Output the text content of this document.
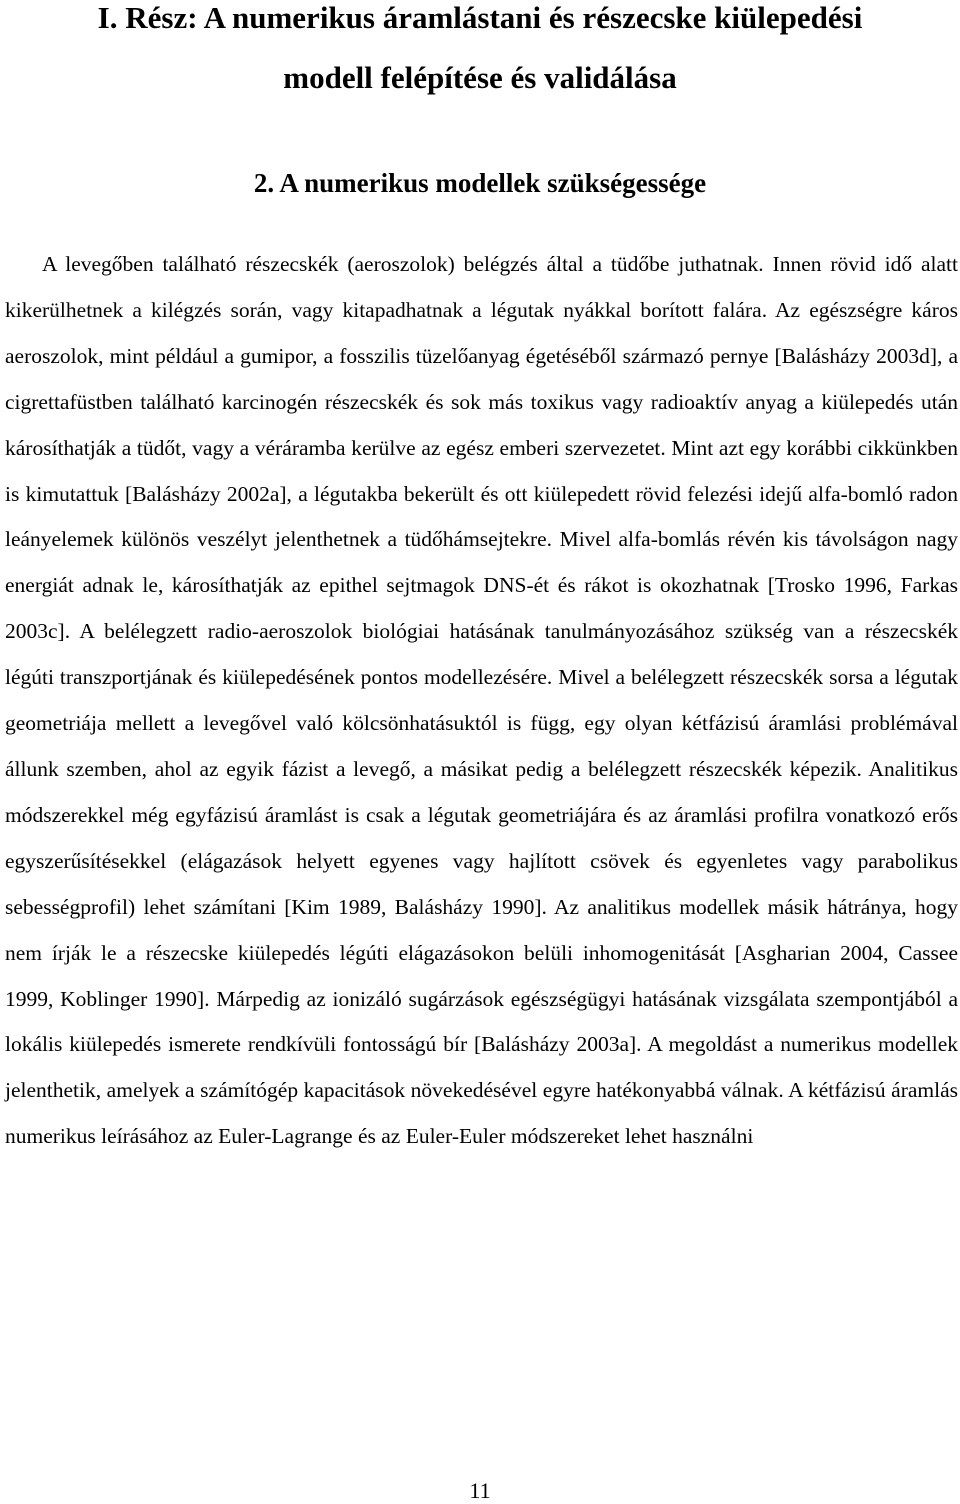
I. Rész: A numerikus áramlástani és részecske kiülepedési
modell felépítése és validálása
2. A numerikus modellek szükségessége

A levegőben található részecskék (aeroszolok) belégzés által a tüdőbe juthatnak. Innen rövid idő alatt kikerülhetnek a kilégzés során, vagy kitapadhatnak a légutak nyákkal borított falára. Az egészségre káros aeroszolok, mint például a gumipor, a fosszilis tüzelőanyag égetéséből származó pernye [Balásházy 2003d], a cigrettafüstben található karcinogén részecskék és sok más toxikus vagy radioaktív anyag a kiülepedés után károsíthatják a tüdőt, vagy a véráramba kerülve az egész emberi szervezetet. Mint azt egy korábbi cikkünkben is kimutattuk [Balásházy 2002a], a légutakba bekerült és ott kiülepedett rövid felezési idejű alfa-bomló radon leányelemek különös veszélyt jelenthetnek a tüdőhámsejtekre. Mivel alfa-bomlás révén kis távolságon nagy energiát adnak le, károsíthatják az epithel sejtmagok DNS-ét és rákot is okozhatnak [Trosko 1996, Farkas 2003c]. A belélegzett radio-aeroszolok biológiai hatásának tanulmányozásához szükség van a részecskék légúti transzportjának és kiülepedésének pontos modellezésére. Mivel a belélegzett részecskék sorsa a légutak geometriája mellett a levegővel való kölcsönhatásuktól is függ, egy olyan kétfázisú áramlási problémával állunk szemben, ahol az egyik fázist a levegő, a másikat pedig a belélegzett részecskék képezik. Analitikus módszerekkel még egyfázisú áramlást is csak a légutak geometriájára és az áramlási profilra vonatkozó erős egyszerűsítésekkel (elágazások helyett egyenes vagy hajlított csövek és egyenletes vagy parabolikus sebességprofil) lehet számítani [Kim 1989, Balásházy 1990]. Az analitikus modellek másik hátránya, hogy nem írják le a részecske kiülepedés légúti elágazásokon belüli inhomogenitását [Asgharian 2004, Cassee 1999, Koblinger 1990]. Márpedig az ionizáló sugárzások egészségügyi hatásának vizsgálata szempontjából a lokális kiülepedés ismerete rendkívüli fontosságú bír [Balásházy 2003a]. A megoldást a numerikus modellek jelenthetik, amelyek a számítógép kapacitások növekedésével egyre hatékonyabbá válnak. A kétfázisú áramlás numerikus leírásához az Euler-Lagrange és az Euler-Euler módszereket lehet használni

11
